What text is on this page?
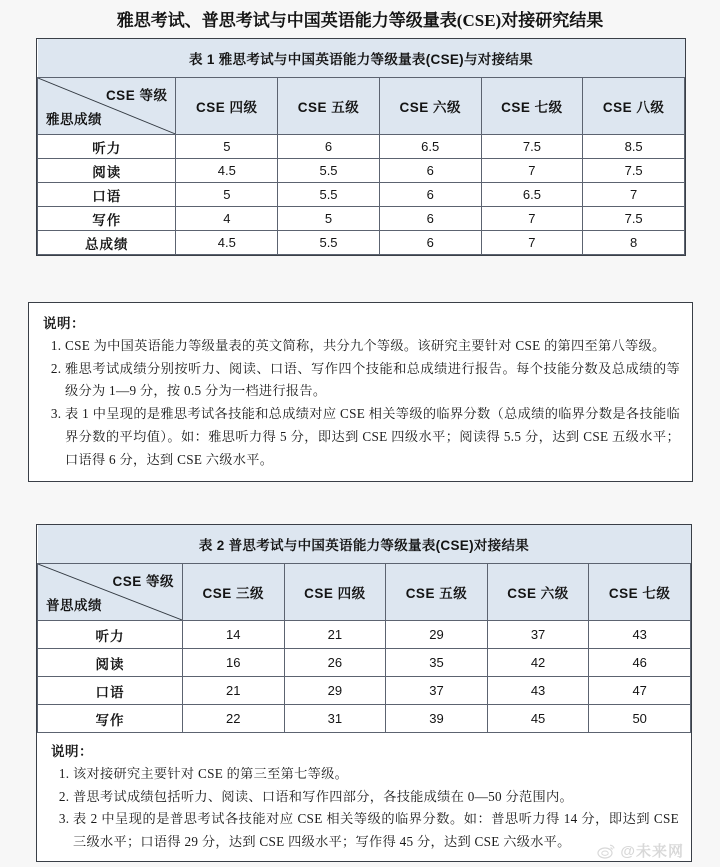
雅思考试、普思考试与中国英语能力等级量表(CSE)对接研究结果
表 1 雅思考试与中国英语能力等级量表(CSE)与对接结果					

CSE 等级
雅思成绩	CSE 四级	CSE 五级	CSE 六级	CSE 七级	CSE 八级
听力	5	6	6.5	7.5	8.5
阅读	4.5	5.5	6	7	7.5
口语	5	5.5	6	6.5	7
写作	4	5	6	7	7.5
总成绩	4.5	5.5	6	7	8
说明：
1. CSE 为中国英语能力等级量表的英文简称，共分九个等级。该研究主要针对 CSE 的第四至第八等级。
2. 雅思考试成绩分别按听力、阅读、口语、写作四个技能和总成绩进行报告。每个技能分数及总成绩的等级分为 1—9 分，按 0.5 分为一档进行报告。
3. 表 1 中呈现的是雅思考试各技能和总成绩对应 CSE 相关等级的临界分数（总成绩的临界分数是各技能临界分数的平均值）。如：雅思听力得 5 分，即达到 CSE 四级水平；阅读得 5.5 分，达到 CSE 五级水平；口语得 6 分，达到 CSE 六级水平。
表 2 普思考试与中国英语能力等级量表(CSE)对接结果					

CSE 等级
普思成绩	CSE 三级	CSE 四级	CSE 五级	CSE 六级	CSE 七级
听力	14	21	29	37	43
阅读	16	26	35	42	46
口语	21	29	37	43	47
写作	22	31	39	45	50
说明：
1. 该对接研究主要针对 CSE 的第三至第七等级。
2. 普思考试成绩包括听力、阅读、口语和写作四部分，各技能成绩在 0—50 分范围内。
3. 表 2 中呈现的是普思考试各技能对应 CSE 相关等级的临界分数。如：普思听力得 14 分，即达到 CSE 三级水平；口语得 29 分，达到 CSE 四级水平；写作得 45 分，达到 CSE 六级水平。
@未来网
